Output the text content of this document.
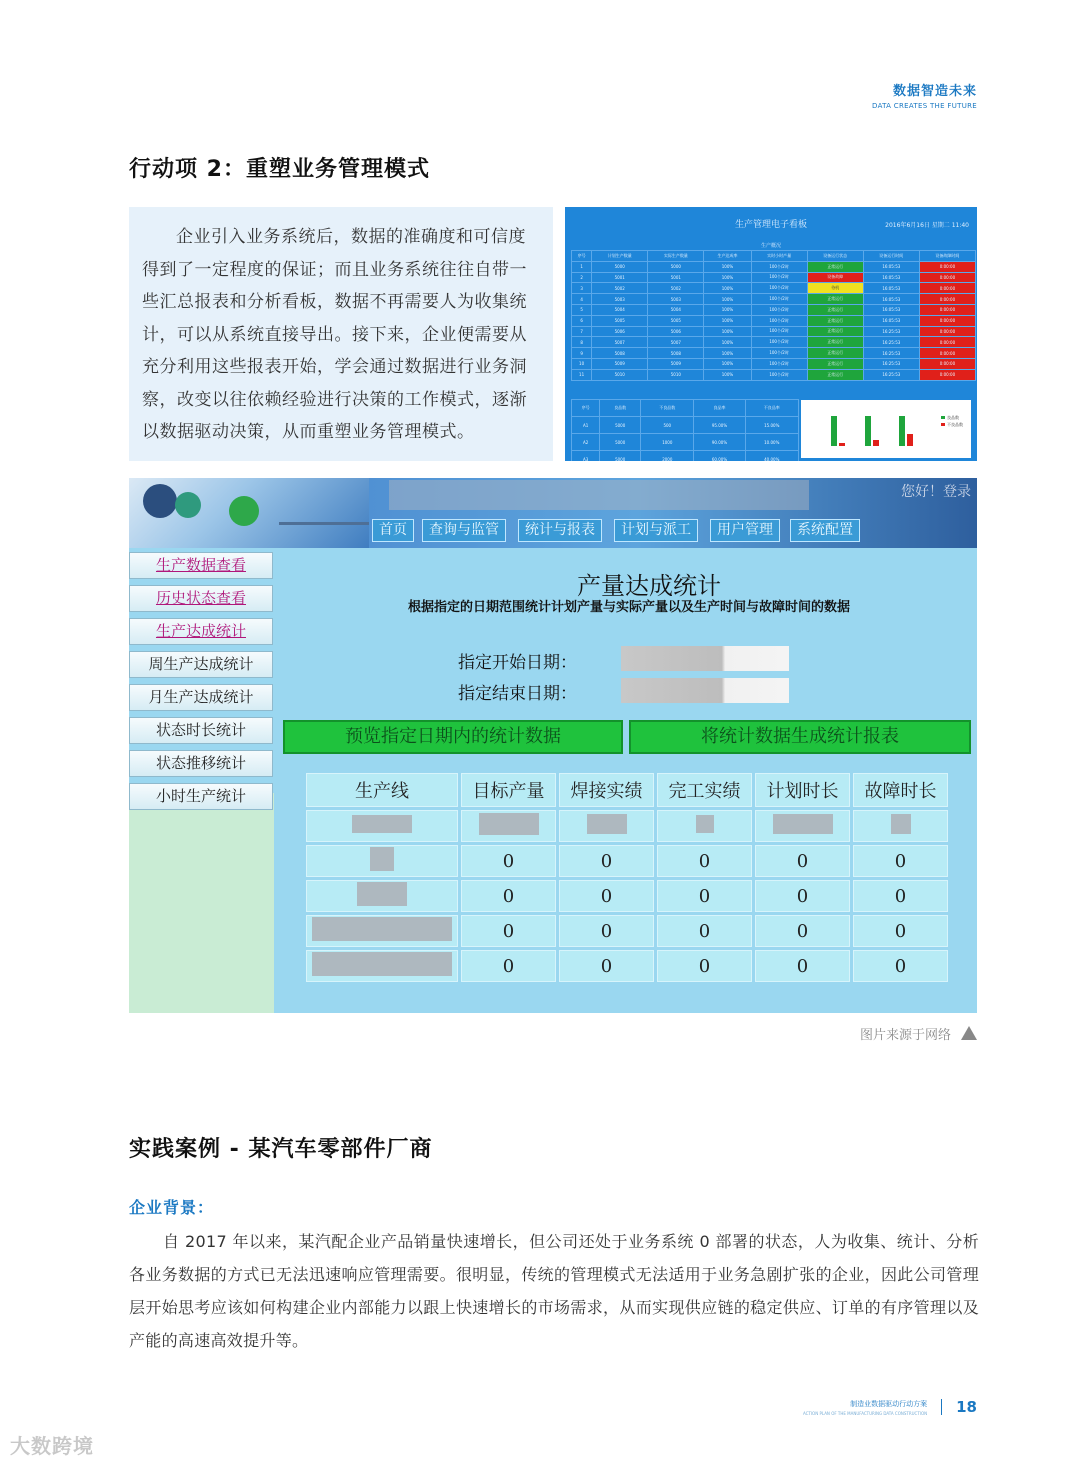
数据智造未来
DATA CREATES THE FUTURE
行动项 2：重塑业务管理模式

企业引入业务系统后，数据的准确度和可信度得到了一定程度的保证；而且业务系统往往自带一些汇总报表和分析看板，数据不再需要人为收集统计，可以从系统直接导出。接下来，企业便需要从充分利用这些报表开始，学会通过数据进行业务洞察，改变以往依赖经验进行决策的工作模式，逐渐以数据驱动决策，从而重塑业务管理模式。

生产管理电子看板	2016年6月16日 星期二 11:40
生产概况
序号	计划生产数量	实际生产数量	生产达成率	实时小时产量	设备运行状态	设备运行时间	设备故障时间
1	5000	5000	100%	100个/2时	正常运行	16:05:53	0:00:00
2	5001	5001	100%	100个/2时	设备故障	16:05:53	0:00:00
3	5002	5002	100%	100个/2时	待机	16:05:53	0:00:00
4	5003	5003	100%	100个/2时	正常运行	16:05:53	0:00:00
5	5004	5004	100%	100个/2时	正常运行	16:05:53	0:00:00
6	5005	5005	100%	100个/2时	正常运行	16:05:53	0:00:00
7	5006	5006	100%	100个/2时	正常运行	16:25:53	0:00:00
8	5007	5007	100%	100个/2时	正常运行	16:25:53	0:00:00
9	5008	5008	100%	100个/2时	正常运行	16:25:53	0:00:00
10	5009	5009	100%	100个/2时	正常运行	16:25:53	0:00:00
11	5010	5010	100%	100个/2时	正常运行	16:25:53	0:00:00
序号	良品数	不良品数	良品率	不良品率
A1	5000	500	95.00%	15.00%
A2	5000	1000	90.00%	10.00%
A3	5000	2000	60.00%	40.00%
良品数
不良品数
您好！登录
首页	查询与监管	统计与报表	计划与派工	用户管理	系统配置
生产数据查看
历史状态查看
生产达成统计
周生产达成统计
月生产达成统计
状态时长统计
状态推移统计
小时生产统计
产量达成统计
根据指定的日期范围统计计划产量与实际产量以及生产时间与故障时间的数据
指定开始日期：
指定结束日期：
预览指定日期内的统计数据	将统计数据生成统计报表
生产线	目标产量	焊接实绩	完工实绩	计划时长	故障时长

	0	0	0	0	0
	0	0	0	0	0
	0	0	0	0	0
	0	0	0	0	0
图片来源于网络
实践案例 - 某汽车零部件厂商
企业背景：
自 2017 年以来，某汽配企业产品销量快速增长，但公司还处于业务系统 0 部署的状态，人为收集、统计、分析各业务数据的方式已无法迅速响应管理需要。很明显，传统的管理模式无法适用于业务急剧扩张的企业，因此公司管理层开始思考应该如何构建企业内部能力以跟上快速增长的市场需求，从而实现供应链的稳定供应、订单的有序管理以及产能的高速高效提升等。
制造业数据驱动行动方案
ACTION PLAN OF THE MANUFACTURING DATA CONSTRUCTION 18
大数跨境
